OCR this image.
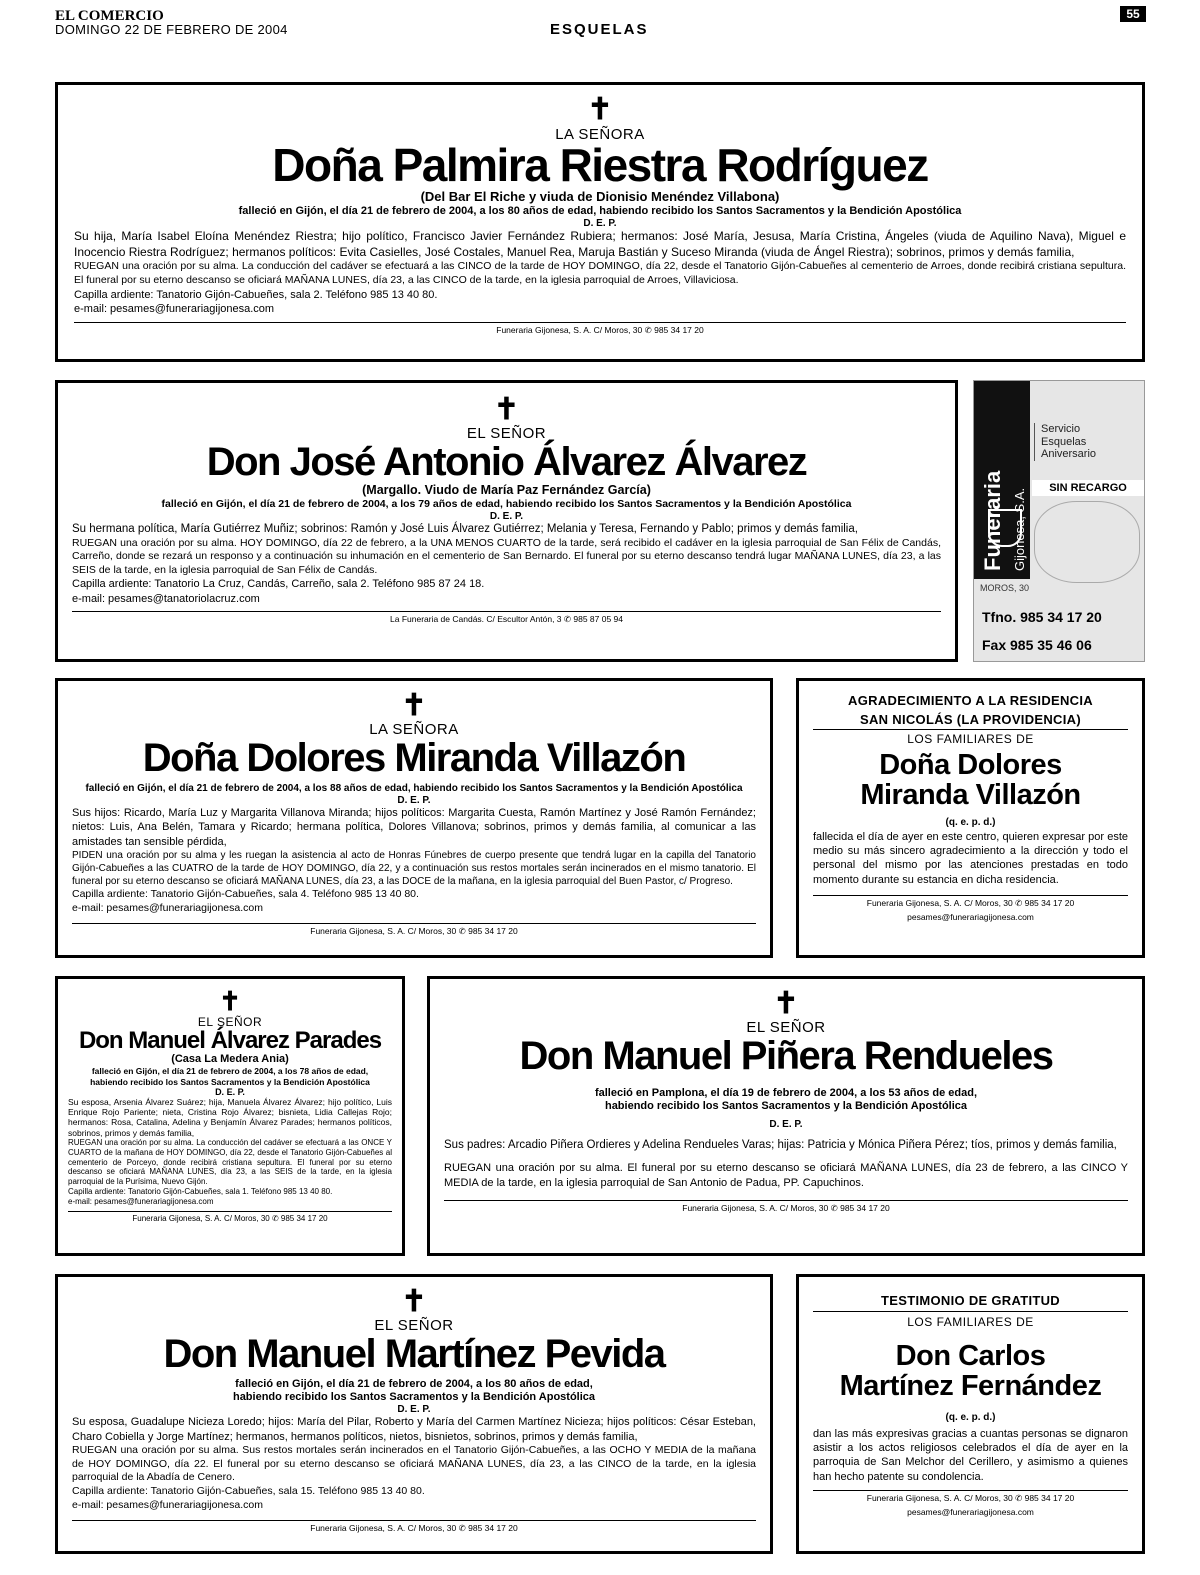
EL COMERCIO
DOMINGO 22 DE FEBRERO DE 2004	ESQUELAS
55
✝
LA SEÑORA
Doña Palmira Riestra Rodríguez
(Del Bar El Riche y viuda de Dionisio Menéndez Villabona)
falleció en Gijón, el día 21 de febrero de 2004, a los 80 años de edad, habiendo recibido los Santos Sacramentos y la Bendición Apostólica
D. E. P.
Su hija, María Isabel Eloína Menéndez Riestra; hijo político, Francisco Javier Fernández Rubiera; hermanos: José María, Jesusa, María Cristina, Ángeles (viuda de Aquilino Nava), Miguel e Inocencio Riestra Rodríguez; hermanos políticos: Evita Casielles, José Costales, Manuel Rea, Maruja Bastián y Suceso Miranda (viuda de Ángel Riestra); sobrinos, primos y demás familia,
RUEGAN una oración por su alma. La conducción del cadáver se efectuará a las CINCO de la tarde de HOY DOMINGO, día 22, desde el Tanatorio Gijón-Cabueñes al cementerio de Arroes, donde recibirá cristiana sepultura. El funeral por su eterno descanso se oficiará MAÑANA LUNES, día 23, a las CINCO de la tarde, en la iglesia parroquial de Arroes, Villaviciosa.
Capilla ardiente: Tanatorio Gijón-Cabueñes, sala 2. Teléfono 985 13 40 80.
e-mail: pesames@funerariagijonesa.com
Funeraria Gijonesa, S. A. C/ Moros, 30 ✆ 985 34 17 20
✝
EL SEÑOR
Don José Antonio Álvarez Álvarez
(Margallo. Viudo de María Paz Fernández García)
falleció en Gijón, el día 21 de febrero de 2004, a los 79 años de edad, habiendo recibido los Santos Sacramentos y la Bendición Apostólica
D. E. P.
Su hermana política, María Gutiérrez Muñiz; sobrinos: Ramón y José Luis Álvarez Gutiérrez; Melania y Teresa, Fernando y Pablo; primos y demás familia,
RUEGAN una oración por su alma. HOY DOMINGO, día 22 de febrero, a la UNA MENOS CUARTO de la tarde, será recibido el cadáver en la iglesia parroquial de San Félix de Candás, Carreño, donde se rezará un responso y a continuación su inhumación en el cementerio de San Bernardo. El funeral por su eterno descanso tendrá lugar MAÑANA LUNES, día 23, a las SEIS de la tarde, en la iglesia parroquial de San Félix de Candás.
Capilla ardiente: Tanatorio La Cruz, Candás, Carreño, sala 2. Teléfono 985 87 24 18.
e-mail: pesames@tanatoriolacruz.com
La Funeraria de Candás. C/ Escultor Antón, 3 ✆ 985 87 05 94
Funeraria Gijonesa, S.A.
Servicio
Esquelas
Aniversario
SIN RECARGO
MOROS, 30
Tfno. 985 34 17 20
Fax 985 35 46 06
✝
LA SEÑORA
Doña Dolores Miranda Villazón
falleció en Gijón, el día 21 de febrero de 2004, a los 88 años de edad, habiendo recibido los Santos Sacramentos y la Bendición Apostólica
D. E. P.
Sus hijos: Ricardo, María Luz y Margarita Villanova Miranda; hijos políticos: Margarita Cuesta, Ramón Martínez y José Ramón Fernández; nietos: Luis, Ana Belén, Tamara y Ricardo; hermana política, Dolores Villanova; sobrinos, primos y demás familia, al comunicar a las amistades tan sensible pérdida,
PIDEN una oración por su alma y les ruegan la asistencia al acto de Honras Fúnebres de cuerpo presente que tendrá lugar en la capilla del Tanatorio Gijón-Cabueñes a las CUATRO de la tarde de HOY DOMINGO, día 22, y a continuación sus restos mortales serán incinerados en el mismo tanatorio. El funeral por su eterno descanso se oficiará MAÑANA LUNES, día 23, a las DOCE de la mañana, en la iglesia parroquial del Buen Pastor, c/ Progreso.
Capilla ardiente: Tanatorio Gijón-Cabueñes, sala 4. Teléfono 985 13 40 80.
e-mail: pesames@funerariagijonesa.com
Funeraria Gijonesa, S. A. C/ Moros, 30 ✆ 985 34 17 20
AGRADECIMIENTO A LA RESIDENCIA
SAN NICOLÁS (LA PROVIDENCIA)
LOS FAMILIARES DE
Doña Dolores
Miranda Villazón
(q. e. p. d.)
fallecida el día de ayer en este centro, quieren expresar por este medio su más sincero agradecimiento a la dirección y todo el personal del mismo por las atenciones prestadas en todo momento durante su estancia en dicha residencia.
Funeraria Gijonesa, S. A. C/ Moros, 30 ✆ 985 34 17 20
pesames@funerariagijonesa.com
✝
EL SEÑOR
Don Manuel Álvarez Parades
(Casa La Medera Ania)
falleció en Gijón, el día 21 de febrero de 2004, a los 78 años de edad,
habiendo recibido los Santos Sacramentos y la Bendición Apostólica
D. E. P.
Su esposa, Arsenia Álvarez Suárez; hija, Manuela Álvarez Álvarez; hijo político, Luis Enrique Rojo Pariente; nieta, Cristina Rojo Álvarez; bisnieta, Lidia Callejas Rojo; hermanos: Rosa, Catalina, Adelina y Benjamín Álvarez Parades; hermanos políticos, sobrinos, primos y demás familia,
RUEGAN una oración por su alma. La conducción del cadáver se efectuará a las ONCE Y CUARTO de la mañana de HOY DOMINGO, día 22, desde el Tanatorio Gijón-Cabueñes al cementerio de Porceyo, donde recibirá cristiana sepultura. El funeral por su eterno descanso se oficiará MAÑANA LUNES, día 23, a las SEIS de la tarde, en la iglesia parroquial de la Purísima, Nuevo Gijón.
Capilla ardiente: Tanatorio Gijón-Cabueñes, sala 1. Teléfono 985 13 40 80.
e-mail: pesames@funerariagijonesa.com
Funeraria Gijonesa, S. A. C/ Moros, 30 ✆ 985 34 17 20
✝
EL SEÑOR
Don Manuel Piñera Rendueles
falleció en Pamplona, el día 19 de febrero de 2004, a los 53 años de edad,
habiendo recibido los Santos Sacramentos y la Bendición Apostólica
D. E. P.
Sus padres: Arcadio Piñera Ordieres y Adelina Rendueles Varas; hijas: Patricia y Mónica Piñera Pérez; tíos, primos y demás familia,
RUEGAN una oración por su alma. El funeral por su eterno descanso se oficiará MAÑANA LUNES, día 23 de febrero, a las CINCO Y MEDIA de la tarde, en la iglesia parroquial de San Antonio de Padua, PP. Capuchinos.
Funeraria Gijonesa, S. A. C/ Moros, 30 ✆ 985 34 17 20
✝
EL SEÑOR
Don Manuel Martínez Pevida
falleció en Gijón, el día 21 de febrero de 2004, a los 80 años de edad,
habiendo recibido los Santos Sacramentos y la Bendición Apostólica
D. E. P.
Su esposa, Guadalupe Nicieza Loredo; hijos: María del Pilar, Roberto y María del Carmen Martínez Nicieza; hijos políticos: César Esteban, Charo Cobiella y Jorge Martínez; hermanos, hermanos políticos, nietos, bisnietos, sobrinos, primos y demás familia,
RUEGAN una oración por su alma. Sus restos mortales serán incinerados en el Tanatorio Gijón-Cabueñes, a las OCHO Y MEDIA de la mañana de HOY DOMINGO, día 22. El funeral por su eterno descanso se oficiará MAÑANA LUNES, día 23, a las CINCO de la tarde, en la iglesia parroquial de la Abadía de Cenero.
Capilla ardiente: Tanatorio Gijón-Cabueñes, sala 15. Teléfono 985 13 40 80.
e-mail: pesames@funerariagijonesa.com
Funeraria Gijonesa, S. A. C/ Moros, 30 ✆ 985 34 17 20
TESTIMONIO DE GRATITUD
LOS FAMILIARES DE
Don Carlos
Martínez Fernández
(q. e. p. d.)
dan las más expresivas gracias a cuantas personas se dignaron asistir a los actos religiosos celebrados el día de ayer en la parroquia de San Melchor del Cerillero, y asimismo a quienes han hecho patente su condolencia.
Funeraria Gijonesa, S. A. C/ Moros, 30 ✆ 985 34 17 20
pesames@funerariagijonesa.com
